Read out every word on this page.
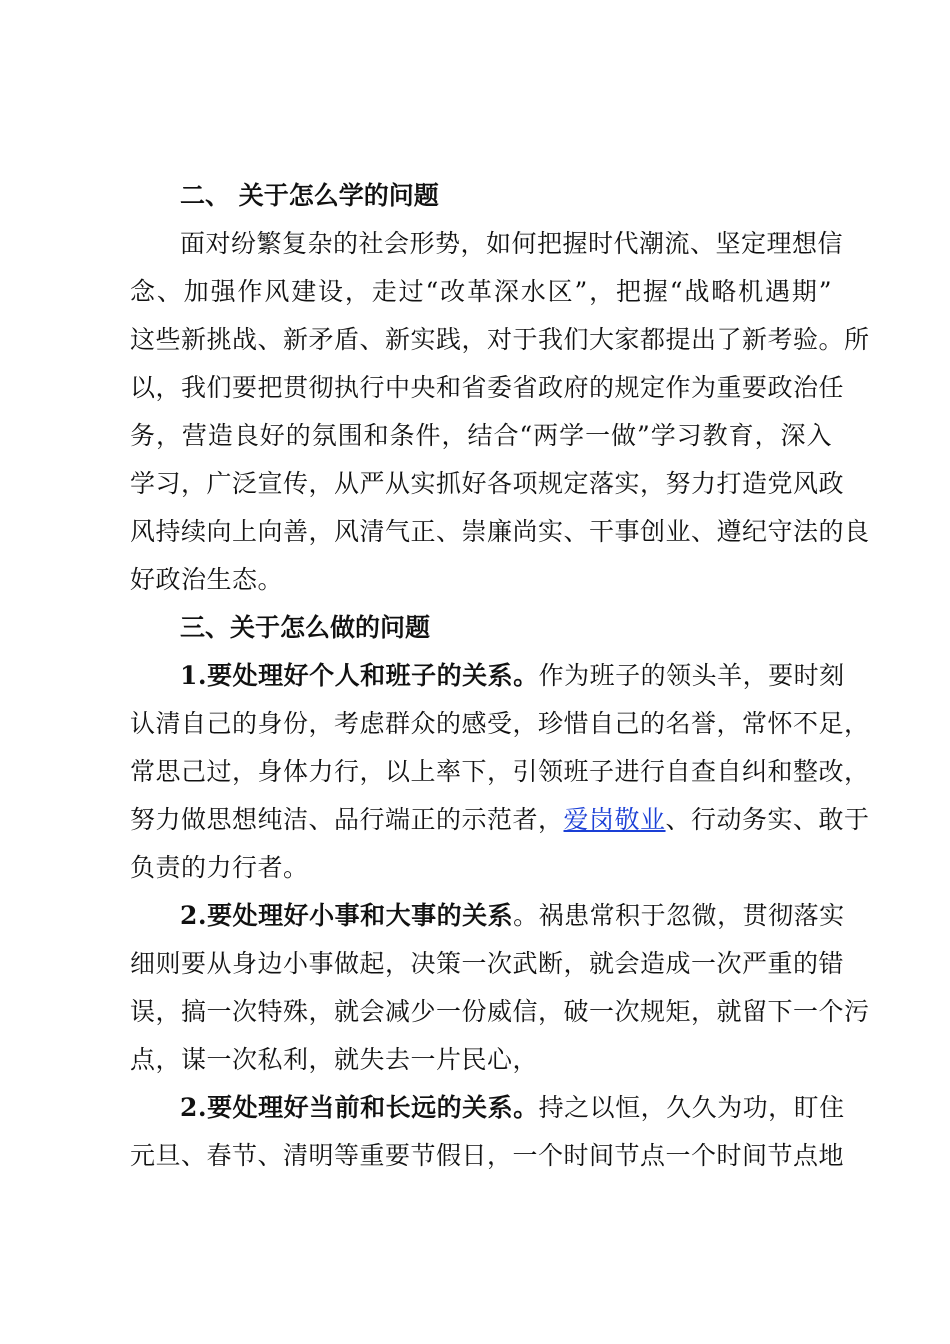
二、 关于怎么学的问题
面对纷繁复杂的社会形势，如何把握时代潮流、坚定理想信
念、加强作风建设，走过“改革深水区”，把握“战略机遇期”
这些新挑战、新矛盾、新实践，对于我们大家都提出了新考验。所
以，我们要把贯彻执行中央和省委省政府的规定作为重要政治任
务，营造良好的氛围和条件，结合“两学一做”学习教育，深入
学习，广泛宣传，从严从实抓好各项规定落实，努力打造党风政
风持续向上向善，风清气正、崇廉尚实、干事创业、遵纪守法的良
好政治生态。
三、关于怎么做的问题
1.要处理好个人和班子的关系。作为班子的领头羊，要时刻
认清自己的身份，考虑群众的感受，珍惜自己的名誉，常怀不足，
常思己过，身体力行，以上率下，引领班子进行自查自纠和整改，
努力做思想纯洁、品行端正的示范者，爱岗敬业、行动务实、敢于
负责的力行者。
2.要处理好小事和大事的关系。祸患常积于忽微，贯彻落实
细则要从身边小事做起，决策一次武断，就会造成一次严重的错
误，搞一次特殊，就会减少一份威信，破一次规矩，就留下一个污
点，谋一次私利，就失去一片民心，
2.要处理好当前和长远的关系。持之以恒，久久为功，盯住
元旦、春节、清明等重要节假日，一个时间节点一个时间节点地
